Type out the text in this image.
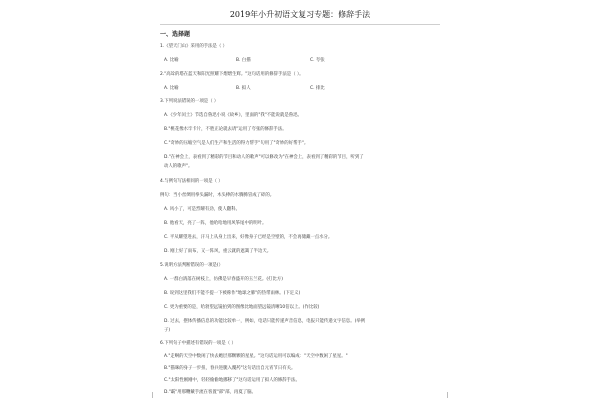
2019年小升初语文复习专题：修辞手法
一、选择题
1.《望天门山》采用的手法是（ ）
A. 比喻	B. 白描	C. 夸张
2."高耸的塔在蓝天和阳光照耀下熠熠生辉。"这句话用的修辞手法是（ ）。
A. 比喻	B. 拟人	C. 排比
3.下列说法错误的一项是（ ）
A.《少年闰土》节选自鲁迅小说《故乡》，里面的"我"不能说就是鲁迅。
B."桃花像水牢卡片，不胜正论就去请"运用了夸张的修辞手法。
C."奇妙的压缩空气是人们生产和生活的得力帮手"句用了"奇妙的好帮手"。
D."在神会上，表看到了精彩的节目和动人的歌声"可以修改为"在神会上，表看到了精彩的节目，听到了
动人的歌声"。
4.与例句写法相同的一项是（ ）
例句：当小丝绸用拳头漏时，木头棒的水腾腾冒成了碎的。
A. 风小了，可是烈曜有劲，使人翻科。
B. 他看天，亮了一阵，他哈哈地用风筝尾中的明叶。
C. 平从耀望进去，汗马上从身上出来，好像身子已经是空壁的，不会再储藏一点水分。
D. 刚上好了雨布，又一阵风，重云就的遮篱了半边天。
5.说明方法判断错误的一项是(）
A. 一群白鸽落在树枝上，仿佛是早春盛开的玉兰花。(打比方)
B. 说到这里我们不能不提一下被称作"地球之肺"的热带雨林。(下定义)
C. 更为重要的是，哈勃望远镜拍到的图像比地面望远镜清晰10倍以上。(作比较)
D. 过去，摆体传播信息的功能比较单一，例如，电话只能传递声音信息，电报只能传递文字信息。(举例
子)
6.下列句子中描述有错误的一项是（ ）
A."走啊的天空中数闲了快去她层那颗颗的星星。"这句话运用可以编成："天空中数闲了星星。"
B."猫咪的身子一步扭，春兵进腿入覆药"这句话出自元宵节日有关。
C."太阳性刚刚中，轻轻偷偷地挪移了"这句话运用了拟人的修辞手法。
D."霸"用那鞭戴手流在客置"部"部，再夏了脑。
